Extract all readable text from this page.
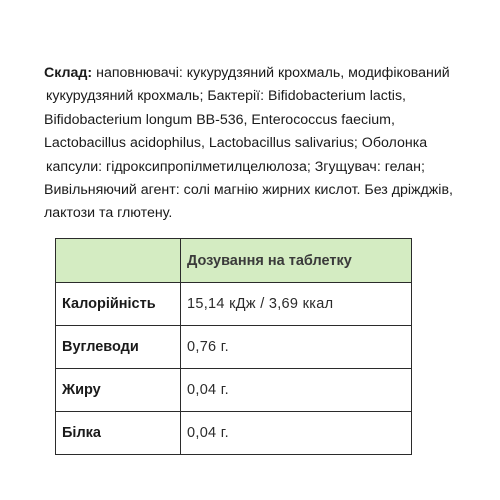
Склад: наповнювачі: кукурудзяний крохмаль, модифікований
кукурудзяний крохмаль; Бактерії: Bifidobacterium lactis,
Bifidobacterium longum BB-536, Enterococcus faecium,
Lactobacillus acidophilus, Lactobacillus salivarius; Оболонка
капсули: гідроксипропілметилцелюлоза; Згущувач: гелан;
Вивільняючий агент: солі магнію жирних кислот. Без дріжджів,
лактози та глютену.
	Дозування на таблетку
Калорійність	15,14 кДж / 3,69 ккал
Вуглеводи	0,76 г.
Жиру	0,04 г.
Білка	0,04 г.
